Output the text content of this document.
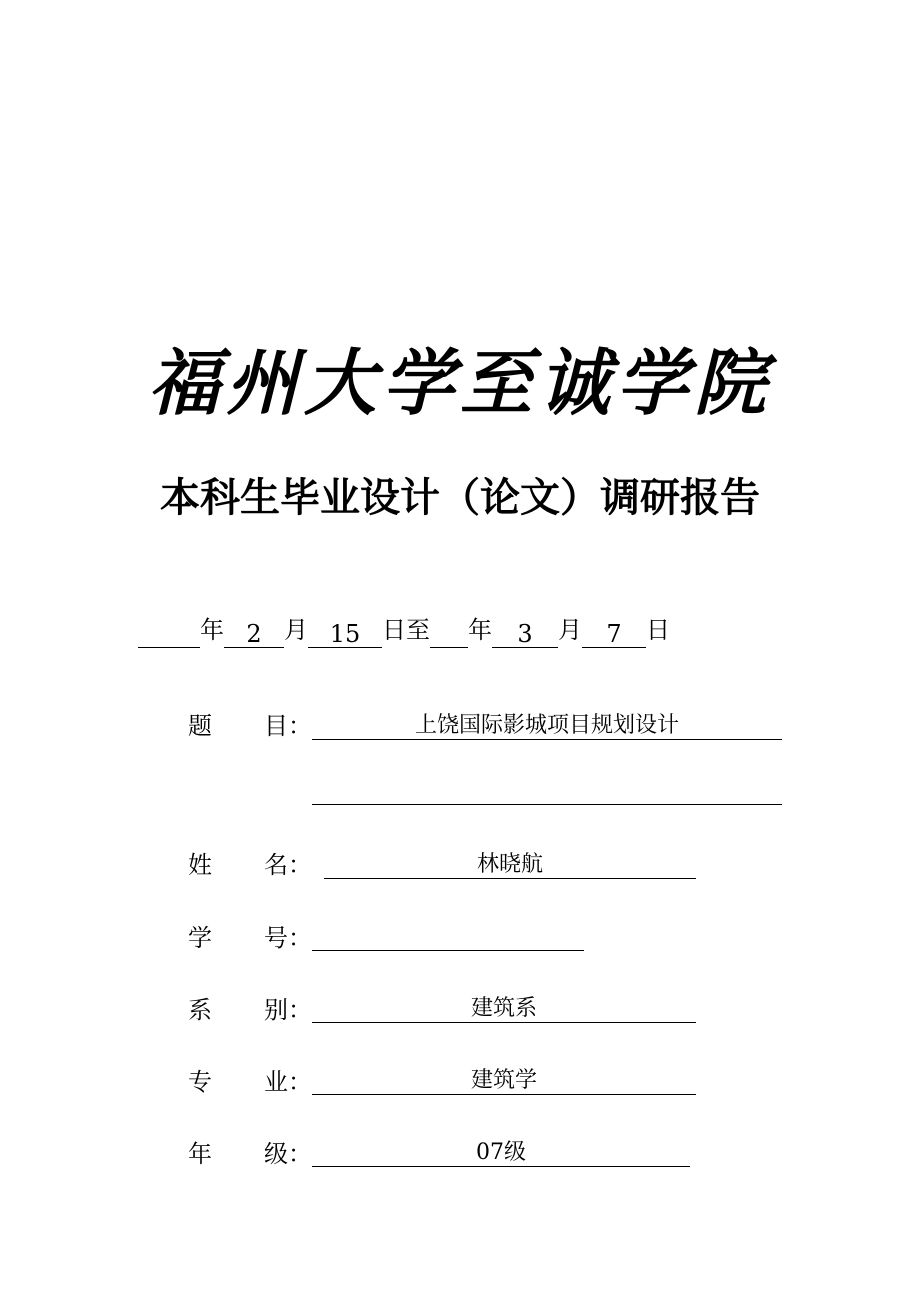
福州大学至诚学院
本科生毕业设计（论文）调研报告
年 2 月 15 日至 年 3 月 7 日
题 目：	上饶国际影城项目规划设计
姓 名：	林晓航
学 号：
系 别：	建筑系
专 业：	建筑学
年 级：	07级
